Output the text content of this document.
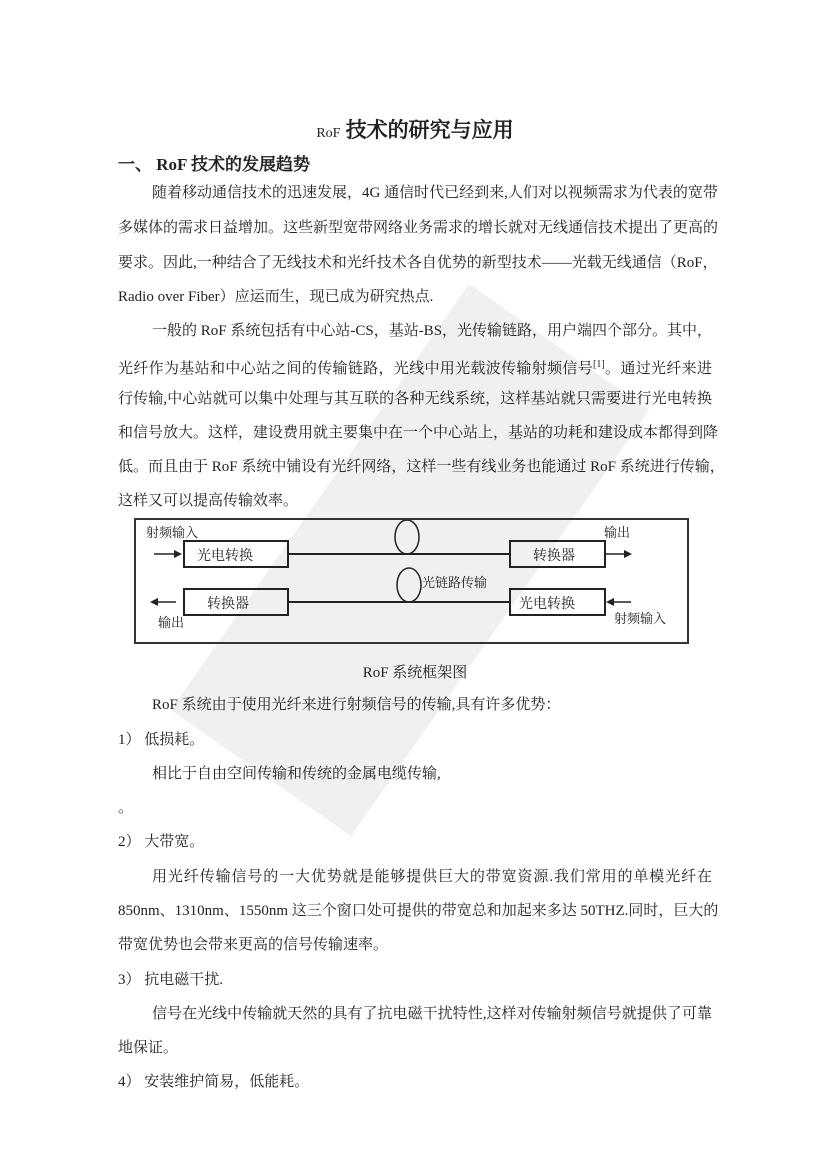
RoF 技术的研究与应用
一、 RoF 技术的发展趋势
随着移动通信技术的迅速发展，4G 通信时代已经到来,人们对以视频需求为代表的宽带
多媒体的需求日益增加。这些新型宽带网络业务需求的增长就对无线通信技术提出了更高的
要求。因此,一种结合了无线技术和光纤技术各自优势的新型技术——光载无线通信（RoF，
Radio over Fiber）应运而生，现已成为研究热点.
一般的 RoF 系统包括有中心站-CS，基站-BS，光传输链路，用户端四个部分。其中，
光纤作为基站和中心站之间的传输链路，光线中用光载波传输射频信号[1]。通过光纤来进
行传输,中心站就可以集中处理与其互联的各种无线系统，这样基站就只需要进行光电转换
和信号放大。这样，建设费用就主要集中在一个中心站上，基站的功耗和建设成本都得到降
低。而且由于 RoF 系统中铺设有光纤网络，这样一些有线业务也能通过 RoF 系统进行传输，
这样又可以提高传输效率。
射频输入	输出
光电转换	转换器
光链路传输
转换器	光电转换
输出	射频输入
RoF 系统框架图
RoF 系统由于使用光纤来进行射频信号的传输,具有许多优势：
1） 低损耗。
相比于自由空间传输和传统的金属电缆传输,
。
2） 大带宽。
用光纤传输信号的一大优势就是能够提供巨大的带宽资源.我们常用的单模光纤在
850nm、1310nm、1550nm 这三个窗口处可提供的带宽总和加起来多达 50THZ.同时，巨大的
带宽优势也会带来更高的信号传输速率。
3） 抗电磁干扰.
信号在光线中传输就天然的具有了抗电磁干扰特性,这样对传输射频信号就提供了可靠
地保证。
4） 安装维护简易，低能耗。
